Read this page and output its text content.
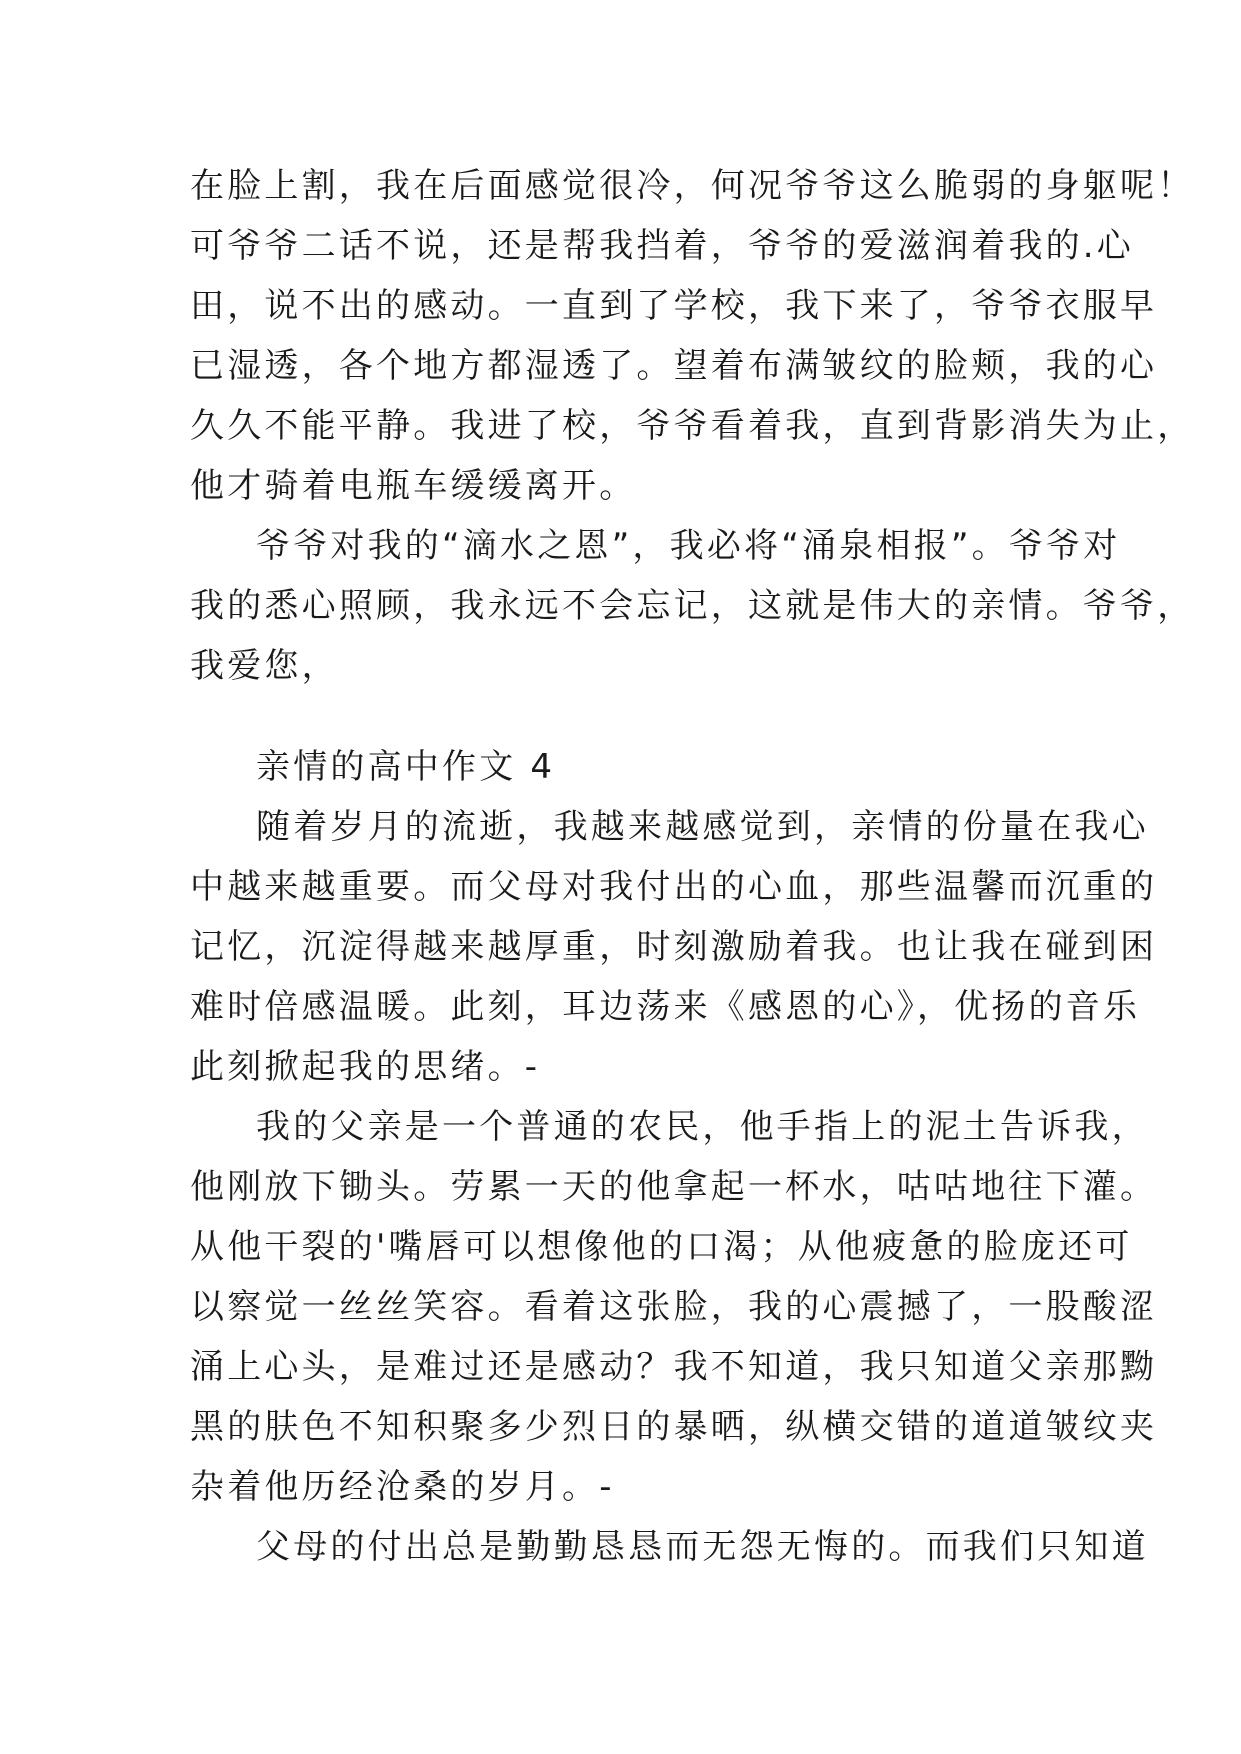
在脸上割，我在后面感觉很冷，何况爷爷这么脆弱的身躯呢！
可爷爷二话不说，还是帮我挡着，爷爷的爱滋润着我的.心
田，说不出的感动。一直到了学校，我下来了，爷爷衣服早
已湿透，各个地方都湿透了。望着布满皱纹的脸颊，我的心
久久不能平静。我进了校，爷爷看着我，直到背影消失为止，
他才骑着电瓶车缓缓离开。
爷爷对我的“滴水之恩”，我必将“涌泉相报”。爷爷对
我的悉心照顾，我永远不会忘记，这就是伟大的亲情。爷爷，
我爱您，
亲情的高中作文 4
随着岁月的流逝，我越来越感觉到，亲情的份量在我心
中越来越重要。而父母对我付出的心血，那些温馨而沉重的
记忆，沉淀得越来越厚重，时刻激励着我。也让我在碰到困
难时倍感温暖。此刻，耳边荡来《感恩的心》，优扬的音乐
此刻掀起我的思绪。-
我的父亲是一个普通的农民，他手指上的泥土告诉我，
他刚放下锄头。劳累一天的他拿起一杯水，咕咕地往下灌。
从他干裂的'嘴唇可以想像他的口渴；从他疲惫的脸庞还可
以察觉一丝丝笑容。看着这张脸，我的心震撼了，一股酸涩
涌上心头，是难过还是感动？我不知道，我只知道父亲那黝
黑的肤色不知积聚多少烈日的暴晒，纵横交错的道道皱纹夹
杂着他历经沧桑的岁月。-
父母的付出总是勤勤恳恳而无怨无悔的。而我们只知道
